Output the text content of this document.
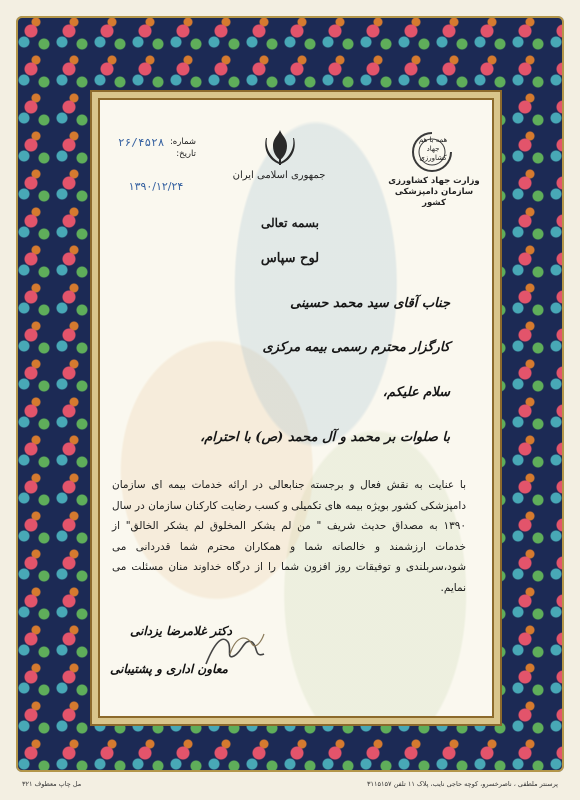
جمهوری اسلامی ایران
همه با هم جهاد کشاورزی
وزارت جهاد کشاورزی
سازمان دامپزشکی کشور
شماره:
تاریخ:
۲۶/۴۵۲۸
۱۳۹۰/۱۲/۲۴
بسمه تعالی
لوح سپاس
جناب آقای سید محمد حسینی
کارگزار محترم رسمی بیمه مرکزی
سلام علیکم،
با صلوات بر محمد و آل محمد (ص) با احترام،
با عنایت به نقش فعال و برجسته جنابعالی در ارائه خدمات بیمه ای سازمان دامپزشکی کشور بویژه بیمه های تکمیلی و کسب رضایت کارکنان سازمان در سال ۱۳۹۰ به مصداق حدیث شریف " من لم یشکر المخلوق لم یشکر الخالق" از خدمات ارزشمند و خالصانه شما و همکاران محترم شما قدردانی می شود،سربلندی و توفیقات روز افزون شما را از درگاه خداوند منان مسئلت می نمایم.
دکتر غلامرضا یزدانی
معاون اداری و پشتیبانی
مل چاپ معطوف ۳۲۱	پرسنتر ملطفی ، ناصرخسرو، کوچه حاجی نایب، پلاک ۱۱ تلفن ۳۱۱۵۱۵۷
